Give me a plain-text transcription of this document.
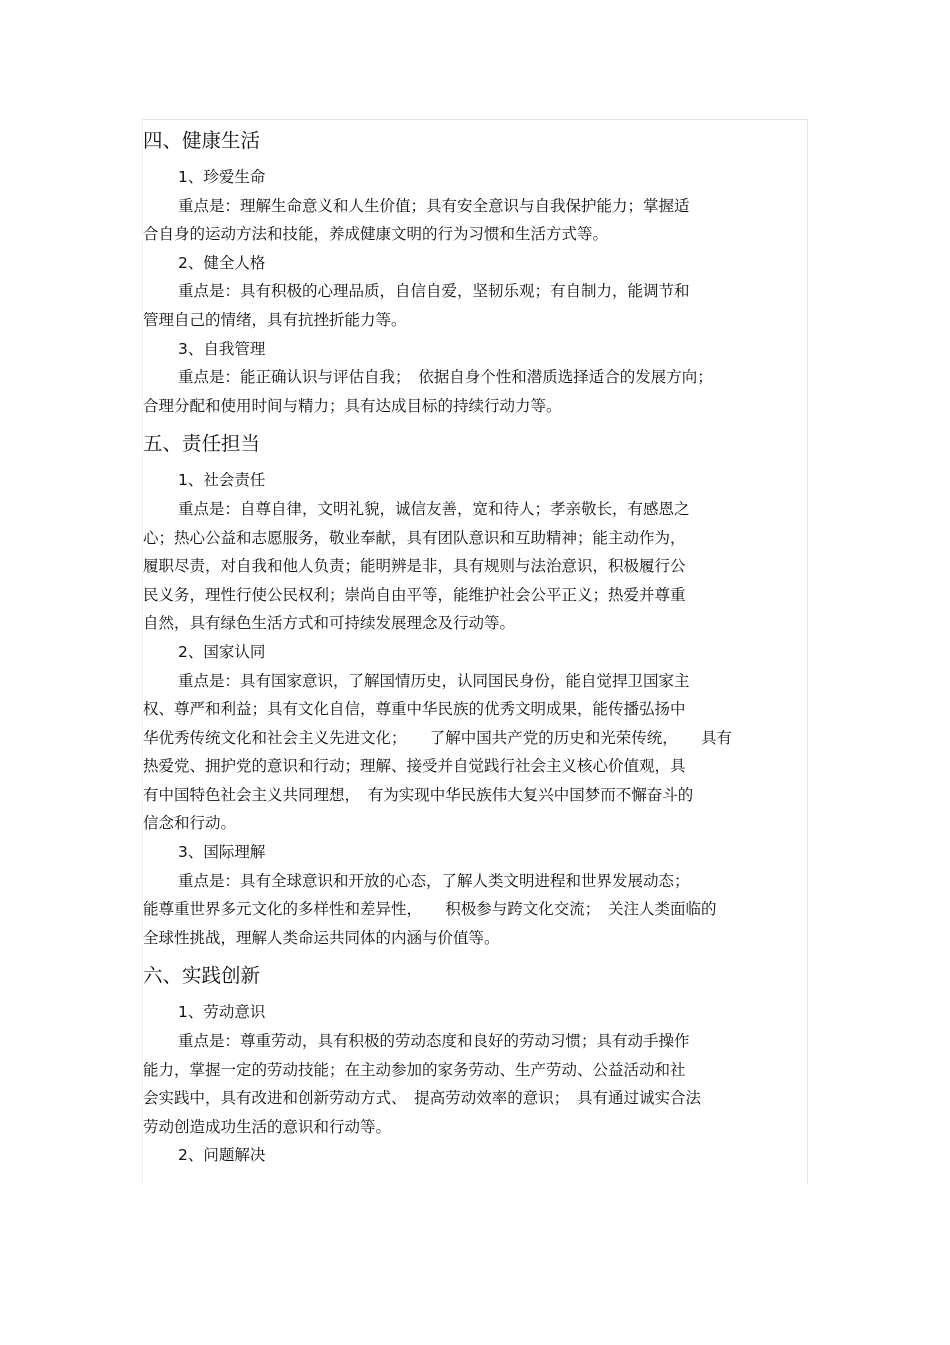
四、健康生活
1、珍爱生命
重点是：理解生命意义和人生价值；具有安全意识与自我保护能力；掌握适
合自身的运动方法和技能，养成健康文明的行为习惯和生活方式等。
2、健全人格
重点是：具有积极的心理品质，自信自爱，坚韧乐观；有自制力，能调节和
管理自己的情绪，具有抗挫折能力等。
3、自我管理
重点是：能正确认识与评估自我；　依据自身个性和潜质选择适合的发展方向；
合理分配和使用时间与精力；具有达成目标的持续行动力等。
五、责任担当
1、社会责任
重点是：自尊自律，文明礼貌，诚信友善，宽和待人；孝亲敬长，有感恩之
心；热心公益和志愿服务，敬业奉献，具有团队意识和互助精神；能主动作为，
履职尽责，对自我和他人负责；能明辨是非，具有规则与法治意识，积极履行公
民义务，理性行使公民权利；崇尚自由平等，能维护社会公平正义；热爱并尊重
自然，具有绿色生活方式和可持续发展理念及行动等。
2、国家认同
重点是：具有国家意识，了解国情历史，认同国民身份，能自觉捍卫国家主
权、尊严和利益；具有文化自信，尊重中华民族的优秀文明成果，能传播弘扬中
华优秀传统文化和社会主义先进文化；　　了解中国共产党的历史和光荣传统，　　具有
热爱党、拥护党的意识和行动；理解、接受并自觉践行社会主义核心价值观，具
有中国特色社会主义共同理想，　有为实现中华民族伟大复兴中国梦而不懈奋斗的
信念和行动。
3、国际理解
重点是：具有全球意识和开放的心态，了解人类文明进程和世界发展动态；
能尊重世界多元文化的多样性和差异性，　　积极参与跨文化交流；　关注人类面临的
全球性挑战，理解人类命运共同体的内涵与价值等。
六、实践创新
1、劳动意识
重点是：尊重劳动，具有积极的劳动态度和良好的劳动习惯；具有动手操作
能力，掌握一定的劳动技能；在主动参加的家务劳动、生产劳动、公益活动和社
会实践中，具有改进和创新劳动方式、　提高劳动效率的意识；　具有通过诚实合法
劳动创造成功生活的意识和行动等。
2、问题解决
